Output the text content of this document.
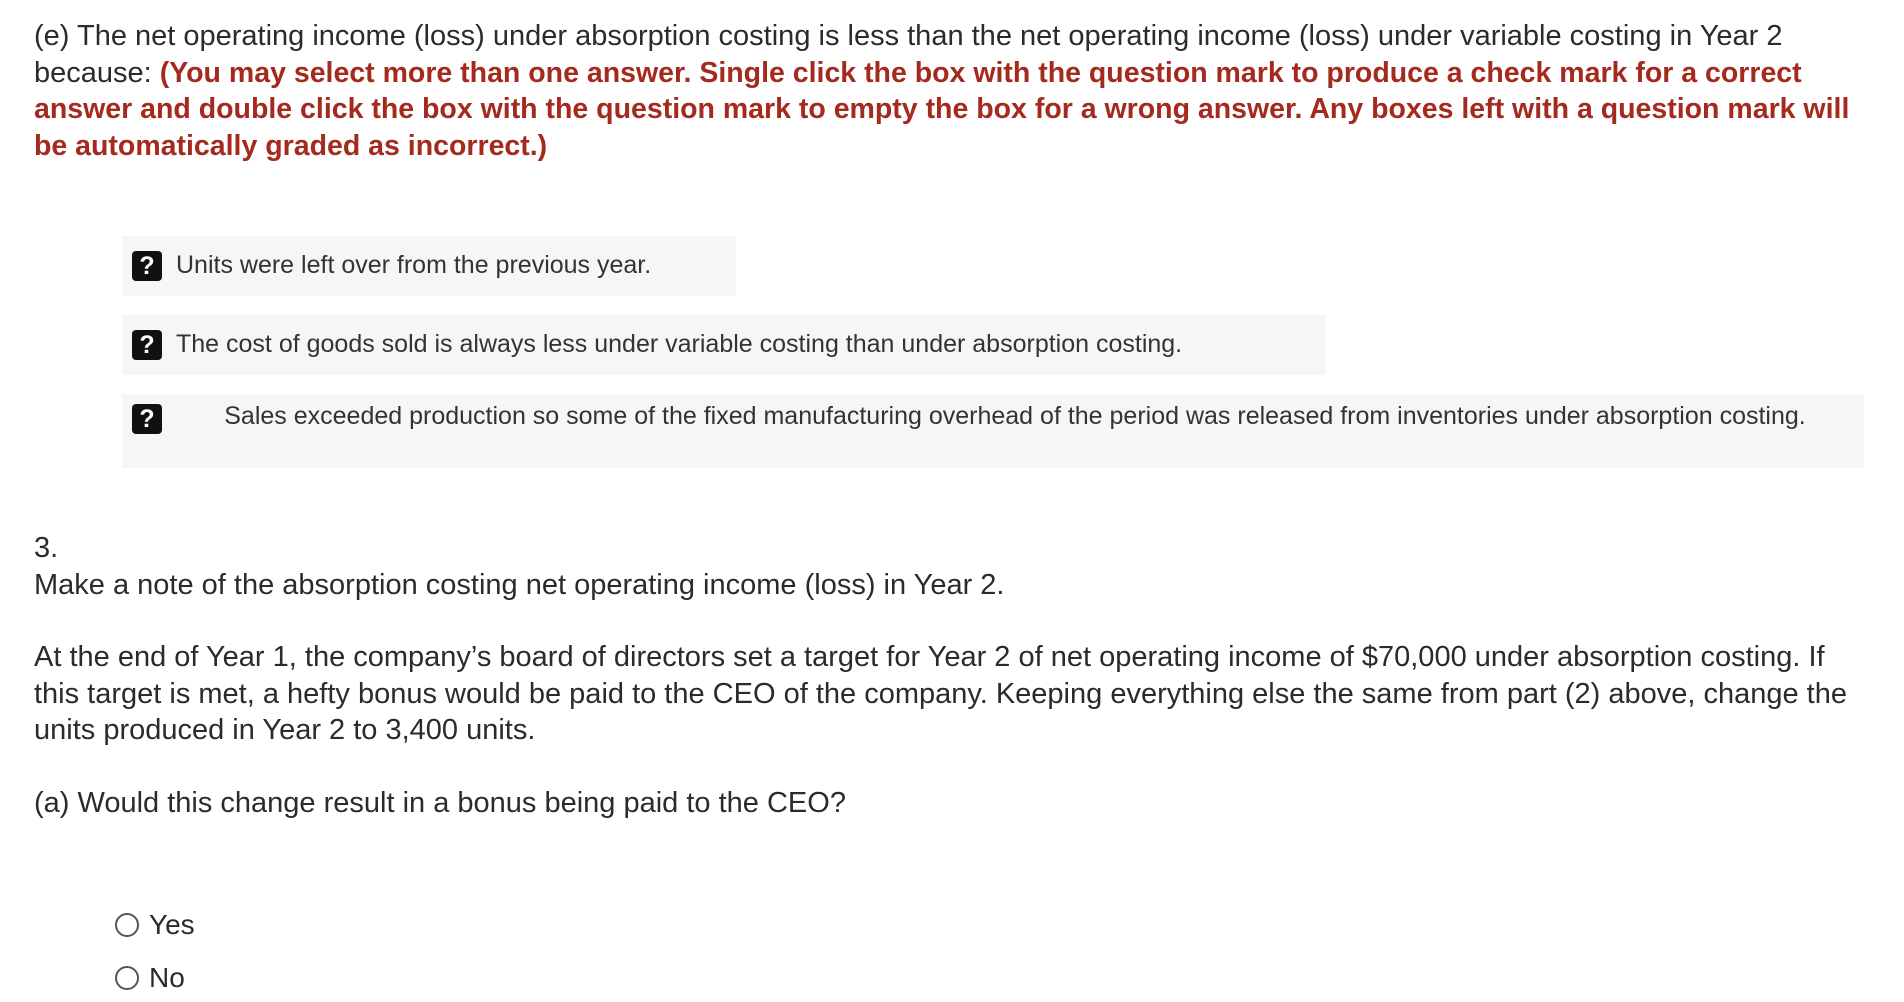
(e) The net operating income (loss) under absorption costing is less than the net operating income (loss) under variable costing in Year 2 because: (You may select more than one answer. Single click the box with the question mark to produce a check mark for a correct answer and double click the box with the question mark to empty the box for a wrong answer. Any boxes left with a question mark will be automatically graded as incorrect.)

? Units were left over from the previous year.
? The cost of goods sold is always less under variable costing than under absorption costing.
?	Sales exceeded production so some of the fixed manufacturing overhead of the period was released from inventories under absorption costing.

3.

Make a note of the absorption costing net operating income (loss) in Year 2.

At the end of Year 1, the company’s board of directors set a target for Year 2 of net operating income of $70,000 under absorption costing. If this target is met, a hefty bonus would be paid to the CEO of the company. Keeping everything else the same from part (2) above, change the units produced in Year 2 to 3,400 units.

(a) Would this change result in a bonus being paid to the CEO?

Yes
No
